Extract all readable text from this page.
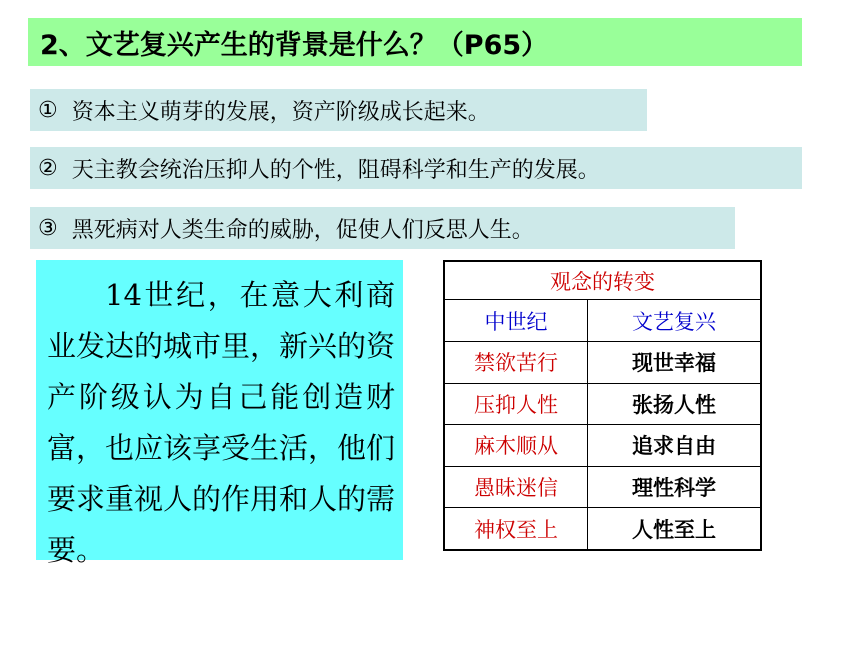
2、文艺复兴产生的背景是什么？（P65）
① 资本主义萌芽的发展，资产阶级成长起来。
② 天主教会统治压抑人的个性，阻碍科学和生产的发展。
③ 黑死病对人类生命的威胁，促使人们反思人生。
14世纪，在意大利商业发达的城市里，新兴的资产阶级认为自己能创造财富，也应该享受生活，他们要求重视人的作用和人的需要。
观念的转变
中世纪	文艺复兴
禁欲苦行	现世幸福
压抑人性	张扬人性
麻木顺从	追求自由
愚昧迷信	理性科学
神权至上	人性至上
